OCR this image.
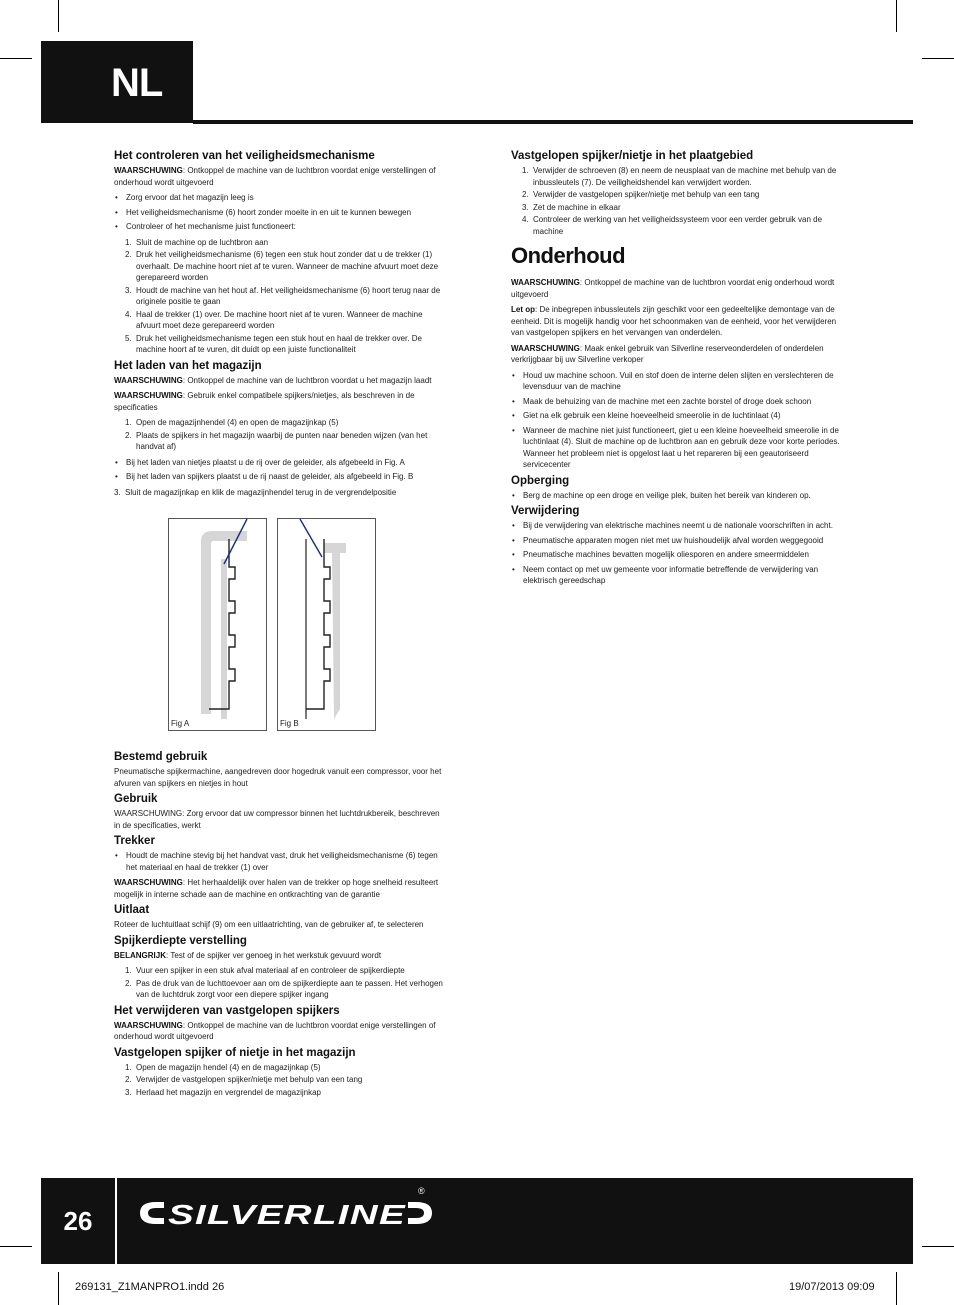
NL
Het controleren van het veiligheidsmechanisme

WAARSCHUWING: Ontkoppel de machine van de luchtbron voordat enige verstellingen of onderhoud wordt uitgevoerd

• Zorg ervoor dat het magazijn leeg is
• Het veiligheidsmechanisme (6) hoort zonder moeite in en uit te kunnen bewegen
• Controleer of het mechanisme juist functioneert:
1. Sluit de machine op de luchtbron aan
2. Druk het veiligheidsmechanisme (6) tegen een stuk hout zonder dat u de trekker (1) overhaalt. De machine hoort niet af te vuren. Wanneer de machine afvuurt moet deze gerepareerd worden
3. Houdt de machine van het hout af. Het veiligheidsmechanisme (6) hoort terug naar de originele positie te gaan
4. Haal de trekker (1) over. De machine hoort niet af te vuren. Wanneer de machine afvuurt moet deze gerepareerd worden
5. Druk het veiligheidsmechanisme tegen een stuk hout en haal de trekker over. De machine hoort af te vuren, dit duidt op een juiste functionaliteit
Het laden van het magazijn

WAARSCHUWING: Ontkoppel de machine van de luchtbron voordat u het magazijn laadt

WAARSCHUWING: Gebruik enkel compatibele spijkers/nietjes, als beschreven in de specificaties

1. Open de magazijnhendel (4) en open de magazijnkap (5)
2. Plaats de spijkers in het magazijn waarbij de punten naar beneden wijzen (van het handvat af)
• Bij het laden van nietjes plaatst u de rij over de geleider, als afgebeeld in Fig. A
• Bij het laden van spijkers plaatst u de rij naast de geleider, als afgebeeld in Fig. B
3. Sluit de magazijnkap en klik de magazijnhendel terug in de vergrendelpositie
Fig A	Fig B
Bestemd gebruik

Pneumatische spijkermachine, aangedreven door hogedruk vanuit een compressor, voor het afvuren van spijkers en nietjes in hout

Gebruik

WAARSCHUWING: Zorg ervoor dat uw compressor binnen het luchtdrukbereik, beschreven in de specificaties, werkt

Trekker
• Houdt de machine stevig bij het handvat vast, druk het veiligheidsmechanisme (6) tegen het materiaal en haal de trekker (1) over

WAARSCHUWING: Het herhaaldelijk over halen van de trekker op hoge snelheid resulteert mogelijk in interne schade aan de machine en ontkrachting van de garantie

Uitlaat

Roteer de luchtuitlaat schijf (9) om een uitlaatrichting, van de gebruiker af, te selecteren

Spijkerdiepte verstelling

BELANGRIJK: Test of de spijker ver genoeg in het werkstuk gevuurd wordt

1. Vuur een spijker in een stuk afval materiaal af en controleer de spijkerdiepte
2. Pas de druk van de luchttoevoer aan om de spijkerdiepte aan te passen. Het verhogen van de luchtdruk zorgt voor een diepere spijker ingang
Het verwijderen van vastgelopen spijkers

WAARSCHUWING: Ontkoppel de machine van de luchtbron voordat enige verstellingen of onderhoud wordt uitgevoerd

Vastgelopen spijker of nietje in het magazijn
1. Open de magazijn hendel (4) en de magazijnkap (5)
2. Verwijder de vastgelopen spijker/nietje met behulp van een tang
3. Herlaad het magazijn en vergrendel de magazijnkap
Vastgelopen spijker/nietje in het plaatgebied
1. Verwijder de schroeven (8) en neem de neusplaat van de machine met behulp van de inbussleutels (7). De veiligheidshendel kan verwijdert worden.
2. Verwijder de vastgelopen spijker/nietje met behulp van een tang
3. Zet de machine in elkaar
4. Controleer de werking van het veiligheidssysteem voor een verder gebruik van de machine
Onderhoud

WAARSCHUWING: Ontkoppel de machine van de luchtbron voordat enig onderhoud wordt uitgevoerd

Let op: De inbegrepen inbussleutels zijn geschikt voor een gedeeltelijke demontage van de eenheid. Dit is mogelijk handig voor het schoonmaken van de eenheid, voor het verwijderen van vastgelopen spijkers en het vervangen van onderdelen.

WAARSCHUWING: Maak enkel gebruik van Silverline reserveonderdelen of onderdelen verkrijgbaar bij uw Silverline verkoper

• Houd uw machine schoon. Vuil en stof doen de interne delen slijten en verslechteren de levensduur van de machine
• Maak de behuizing van de machine met een zachte borstel of droge doek schoon
• Giet na elk gebruik een kleine hoeveelheid smeerolie in de luchtinlaat (4)
• Wanneer de machine niet juist functioneert, giet u een kleine hoeveelheid smeerolie in de luchtinlaat (4). Sluit de machine op de luchtbron aan en gebruik deze voor korte periodes. Wanneer het probleem niet is opgelost laat u het repareren bij een geautoriseerd servicecenter
Opberging
• Berg de machine op een droge en veilige plek, buiten het bereik van kinderen op.
Verwijdering
• Bij de verwijdering van elektrische machines neemt u de nationale voorschriften in acht.
• Pneumatische apparaten mogen niet met uw huishoudelijk afval worden weggegooid
• Pneumatische machines bevatten mogelijk oliesporen en andere smeermiddelen
• Neem contact op met uw gemeente voor informatie betreffende de verwijdering van elektrisch gereedschap
26	SILVERLINE
®
269131_Z1MANPRO1.indd 26	19/07/2013 09:09
